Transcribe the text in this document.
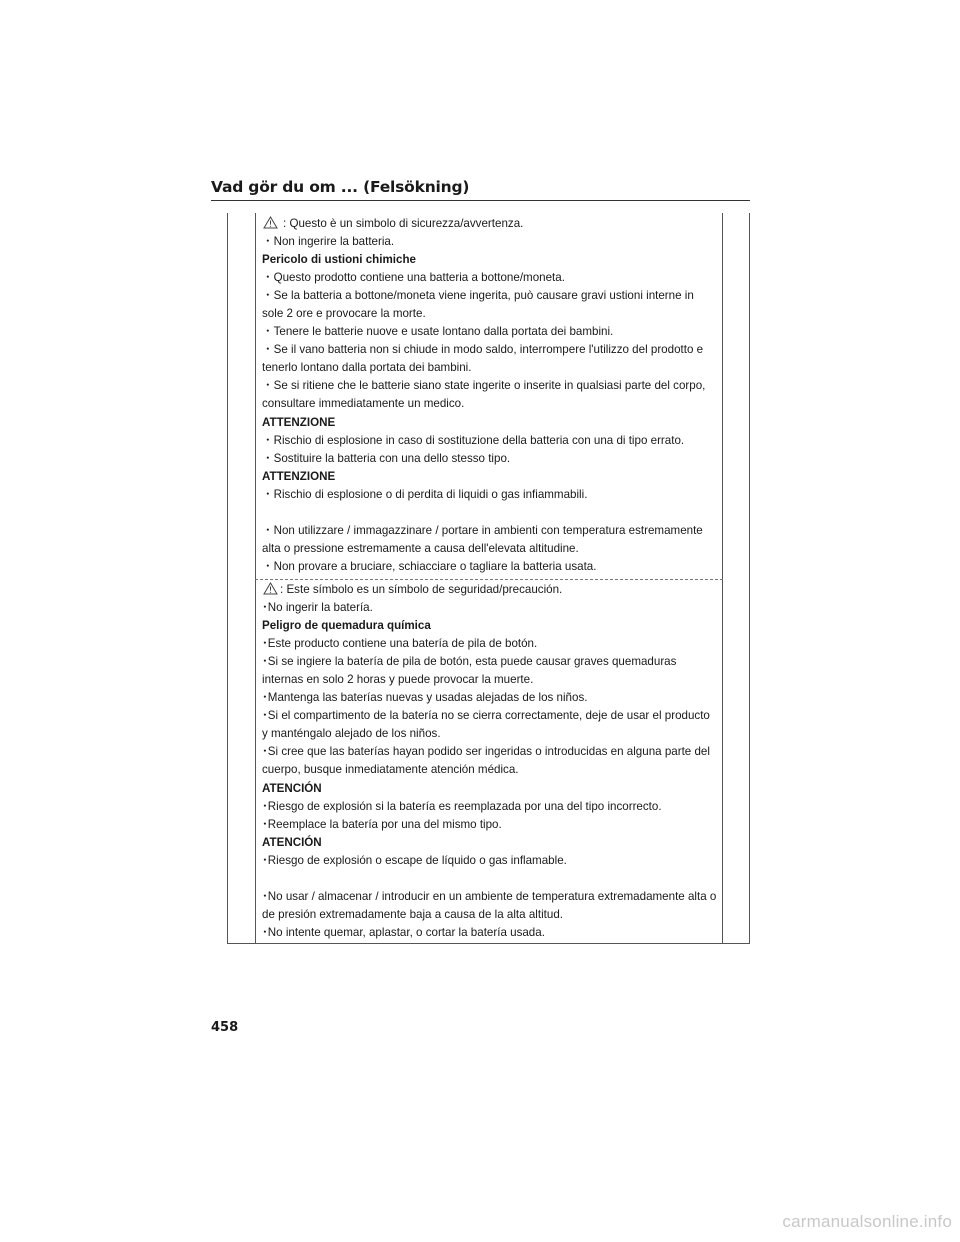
Vad gör du om ... (Felsökning)
: Questo è un simbolo di sicurezza/avvertenza.
・Non ingerire la batteria.
Pericolo di ustioni chimiche
・Questo prodotto contiene una batteria a bottone/moneta.
・Se la batteria a bottone/moneta viene ingerita, può causare gravi ustioni interne in sole 2 ore e provocare la morte.
・Tenere le batterie nuove e usate lontano dalla portata dei bambini.
・Se il vano batteria non si chiude in modo saldo, interrompere l'utilizzo del prodotto e tenerlo lontano dalla portata dei bambini.
・Se si ritiene che le batterie siano state ingerite o inserite in qualsiasi parte del corpo, consultare immediatamente un medico.
ATTENZIONE
・Rischio di esplosione in caso di sostituzione della batteria con una di tipo errato.
・Sostituire la batteria con una dello stesso tipo.
ATTENZIONE
・Rischio di esplosione o di perdita di liquidi o gas infiammabili.
・Non utilizzare / immagazzinare / portare in ambienti con temperatura estremamente alta o pressione estremamente a causa dell'elevata altitudine.
・Non provare a bruciare, schiacciare o tagliare la batteria usata.
: Este símbolo es un símbolo de seguridad/precaución.
･No ingerir la batería.
Peligro de quemadura química
･Este producto contiene una batería de pila de botón.
･Si se ingiere la batería de pila de botón, esta puede causar graves quemaduras internas en solo 2 horas y puede provocar la muerte.
･Mantenga las baterías nuevas y usadas alejadas de los niños.
･Si el compartimento de la batería no se cierra correctamente, deje de usar el producto y manténgalo alejado de los niños.
･Si cree que las baterías hayan podido ser ingeridas o introducidas en alguna parte del cuerpo, busque inmediatamente atención médica.
ATENCIÓN
･Riesgo de explosión si la batería es reemplazada por una del tipo incorrecto.
･Reemplace la batería por una del mismo tipo.
ATENCIÓN
･Riesgo de explosión o escape de líquido o gas inflamable.
･No usar / almacenar / introducir en un ambiente de temperatura extremadamente alta o de presión extremadamente baja a causa de la alta altitud.
･No intente quemar, aplastar, o cortar la batería usada.
458
carmanualsonline.info
